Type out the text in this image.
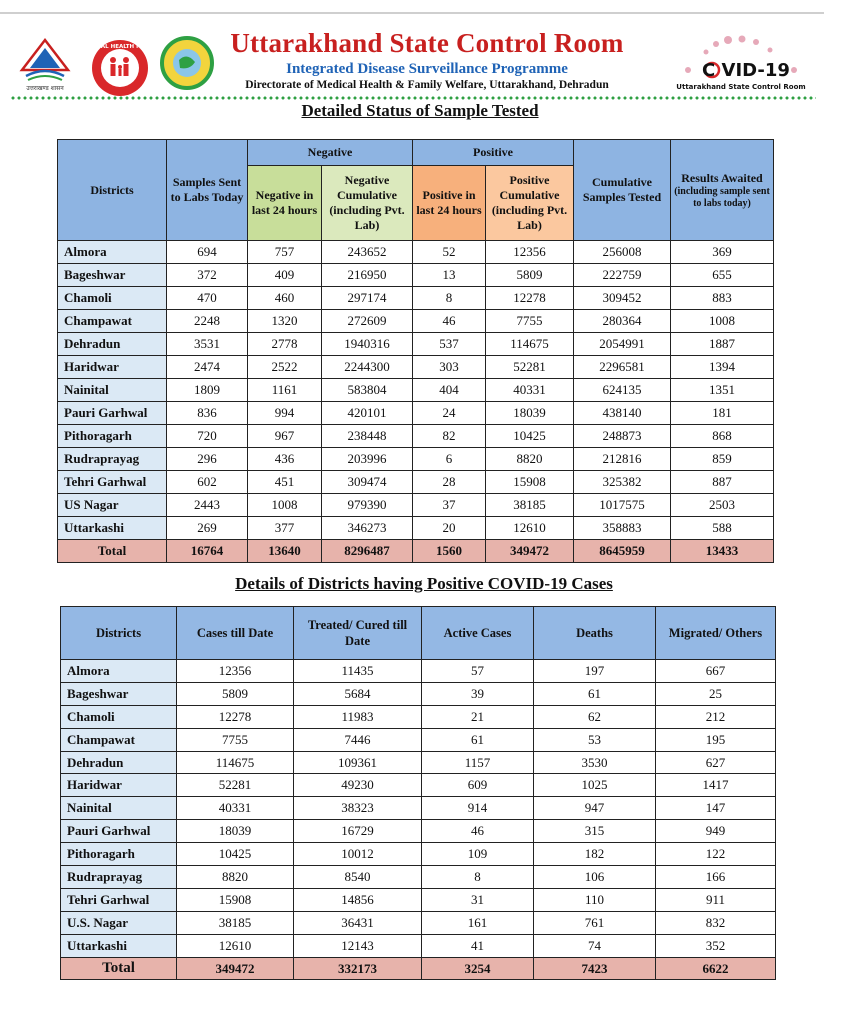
उत्तराखण्ड शासन
NATIONAL HEALTH MISSION
C VID-19
Uttarakhand State Control Room
Uttarakhand State Control Room
Integrated Disease Surveillance Programme
Directorate of Medical Health & Family Welfare, Uttarakhand, Dehradun
Detailed Status of Sample Tested
Districts	Samples Sent to Labs Today	Negative		Positive		Cumulative Samples Tested	Results Awaited
(including sample sent to labs today)

		Negative in last 24 hours	Negative Cumulative (including Pvt. Lab)	Positive in last 24 hours	Positive Cumulative (including Pvt. Lab)		
Almora	694	757	243652	52	12356	256008	369
Bageshwar	372	409	216950	13	5809	222759	655
Chamoli	470	460	297174	8	12278	309452	883
Champawat	2248	1320	272609	46	7755	280364	1008
Dehradun	3531	2778	1940316	537	114675	2054991	1887
Haridwar	2474	2522	2244300	303	52281	2296581	1394
Nainital	1809	1161	583804	404	40331	624135	1351
Pauri Garhwal	836	994	420101	24	18039	438140	181
Pithoragarh	720	967	238448	82	10425	248873	868
Rudraprayag	296	436	203996	6	8820	212816	859
Tehri Garhwal	602	451	309474	28	15908	325382	887
US Nagar	2443	1008	979390	37	38185	1017575	2503
Uttarkashi	269	377	346273	20	12610	358883	588
Total	16764	13640	8296487	1560	349472	8645959	13433
Details of Districts having Positive COVID-19 Cases
Districts	Cases till Date	Treated/ Cured till Date	Active Cases	Deaths	Migrated/ Others
Almora	12356	11435	57	197	667
Bageshwar	5809	5684	39	61	25
Chamoli	12278	11983	21	62	212
Champawat	7755	7446	61	53	195
Dehradun	114675	109361	1157	3530	627
Haridwar	52281	49230	609	1025	1417
Nainital	40331	38323	914	947	147
Pauri Garhwal	18039	16729	46	315	949
Pithoragarh	10425	10012	109	182	122
Rudraprayag	8820	8540	8	106	166
Tehri Garhwal	15908	14856	31	110	911
U.S. Nagar	38185	36431	161	761	832
Uttarkashi	12610	12143	41	74	352
Total	349472	332173	3254	7423	6622
